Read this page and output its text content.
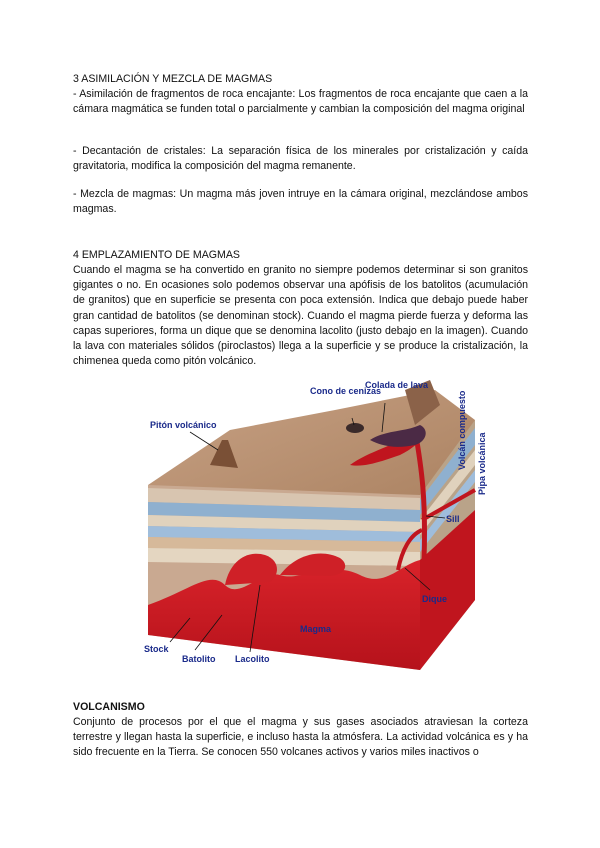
3 ASIMILACIÓN Y MEZCLA DE MAGMAS
- Asimilación de fragmentos de roca encajante: Los fragmentos de roca encajante que caen a la cámara magmática se funden total o parcialmente y cambian la composición del magma original
- Decantación de cristales: La separación física de los minerales por cristalización y caída gravitatoria, modifica la composición del magma remanente.
- Mezcla de magmas: Un magma más joven intruye en la cámara original, mezclándose ambos magmas.
4 EMPLAZAMIENTO DE MAGMAS
Cuando el magma se ha convertido en granito no siempre podemos determinar si son granitos gigantes o no. En ocasiones solo podemos observar una apófisis de los batolitos (acumulación de granitos) que en superficie se presenta con poca extensión. Indica que debajo puede haber gran cantidad de batolitos (se denominan stock). Cuando el magma pierde fuerza y deforma las capas superiores, forma un dique que se denomina lacolito (justo debajo en la imagen). Cuando la lava con materiales sólidos (piroclastos) llega a la superficie y se produce la cristalización, la chimenea queda como pitón volcánico.
Pitón volcánico
Cono de cenizas
Colada de lava
Volcán compuesto Pipa volcánica
Sill
Dique
Magma
Stock
Batolito Lacolito
VOLCANISMO
Conjunto de procesos por el que el magma y sus gases asociados atraviesan la corteza terrestre y llegan hasta la superficie, e incluso hasta la atmósfera. La actividad volcánica es y ha sido frecuente en la Tierra. Se conocen 550 volcanes activos y varios miles inactivos o
